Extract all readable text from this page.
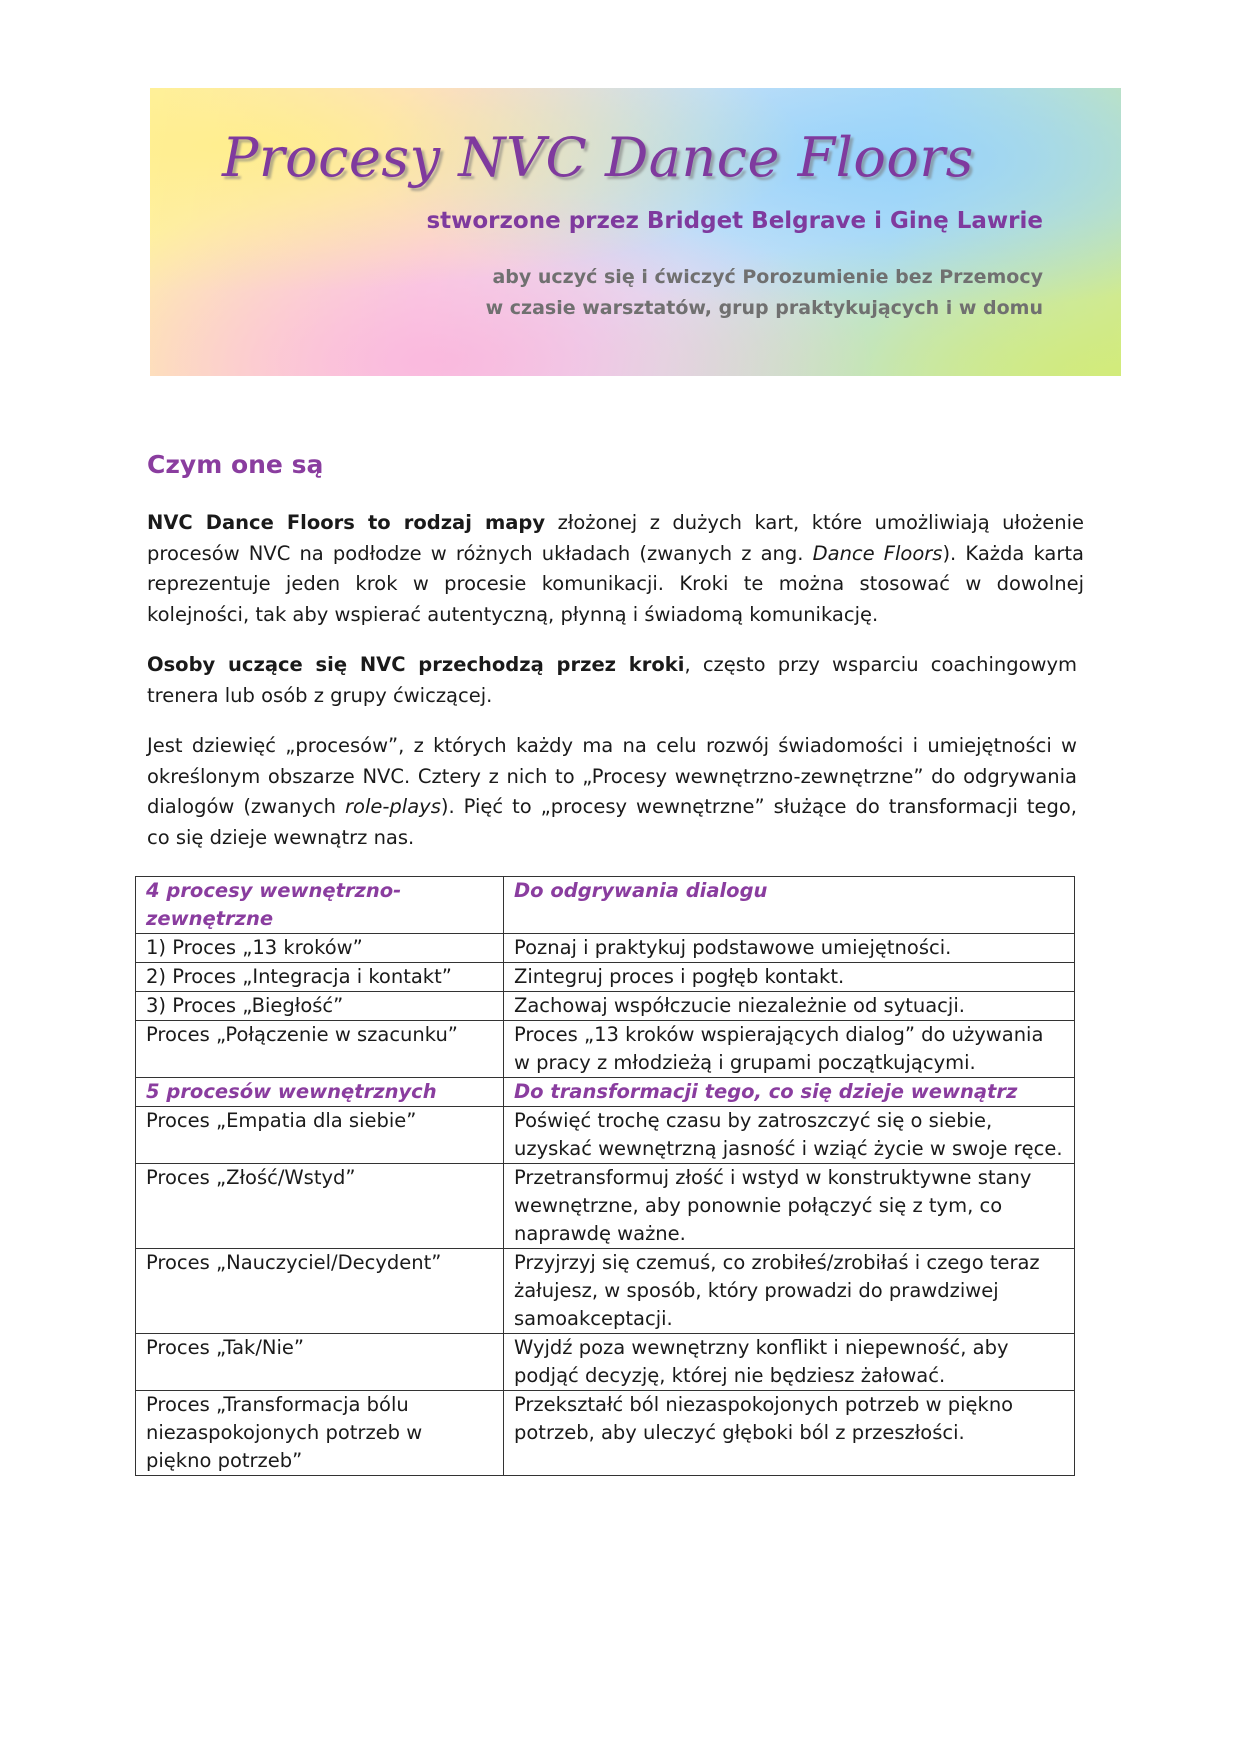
Procesy NVC Dance Floors
stworzone przez Bridget Belgrave i Ginę Lawrie
aby uczyć się i ćwiczyć Porozumienie bez Przemocy
w czasie warsztatów, grup praktykujących i w domu
Czym one są

NVC Dance Floors to rodzaj mapy złożonej z dużych kart, które umożliwiają ułożenie procesów NVC na podłodze w różnych układach (zwanych z ang. Dance Floors). Każda karta reprezentuje jeden krok w procesie komunikacji. Kroki te można stosować w dowolnej kolejności, tak aby wspierać autentyczną, płynną i świadomą komunikację.

Osoby uczące się NVC przechodzą przez kroki, często przy wsparciu coachingowym trenera lub osób z grupy ćwiczącej.

Jest dziewięć „procesów”, z których każdy ma na celu rozwój świadomości i umiejętności w określonym obszarze NVC. Cztery z nich to „Procesy wewnętrzno-zewnętrzne” do odgrywania dialogów (zwanych role-plays). Pięć to „procesy wewnętrzne” służące do transformacji tego, co się dzieje wewnątrz nas.

4 procesy wewnętrzno-zewnętrzne	Do odgrywania dialogu
1) Proces „13 kroków”	Poznaj i praktykuj podstawowe umiejętności.
2) Proces „Integracja i kontakt”	Zintegruj proces i pogłęb kontakt.
3) Proces „Biegłość”	Zachowaj współczucie niezależnie od sytuacji.
Proces „Połączenie w szacunku”	Proces „13 kroków wspierających dialog” do używania w pracy z młodzieżą i grupami początkującymi.
5 procesów wewnętrznych	Do transformacji tego, co się dzieje wewnątrz
Proces „Empatia dla siebie”	Poświęć trochę czasu by zatroszczyć się o siebie, uzyskać wewnętrzną jasność i wziąć życie w swoje ręce.
Proces „Złość/Wstyd”	Przetransformuj złość i wstyd w konstruktywne stany wewnętrzne, aby ponownie połączyć się z tym, co naprawdę ważne.
Proces „Nauczyciel/Decydent”	Przyjrzyj się czemuś, co zrobiłeś/zrobiłaś i czego teraz żałujesz, w sposób, który prowadzi do prawdziwej samoakceptacji.
Proces „Tak/Nie”	Wyjdź poza wewnętrzny konflikt i niepewność, aby podjąć decyzję, której nie będziesz żałować.
Proces „Transformacja bólu niezaspokojonych potrzeb w piękno potrzeb”	Przekształć ból niezaspokojonych potrzeb w piękno potrzeb, aby uleczyć głęboki ból z przeszłości.
